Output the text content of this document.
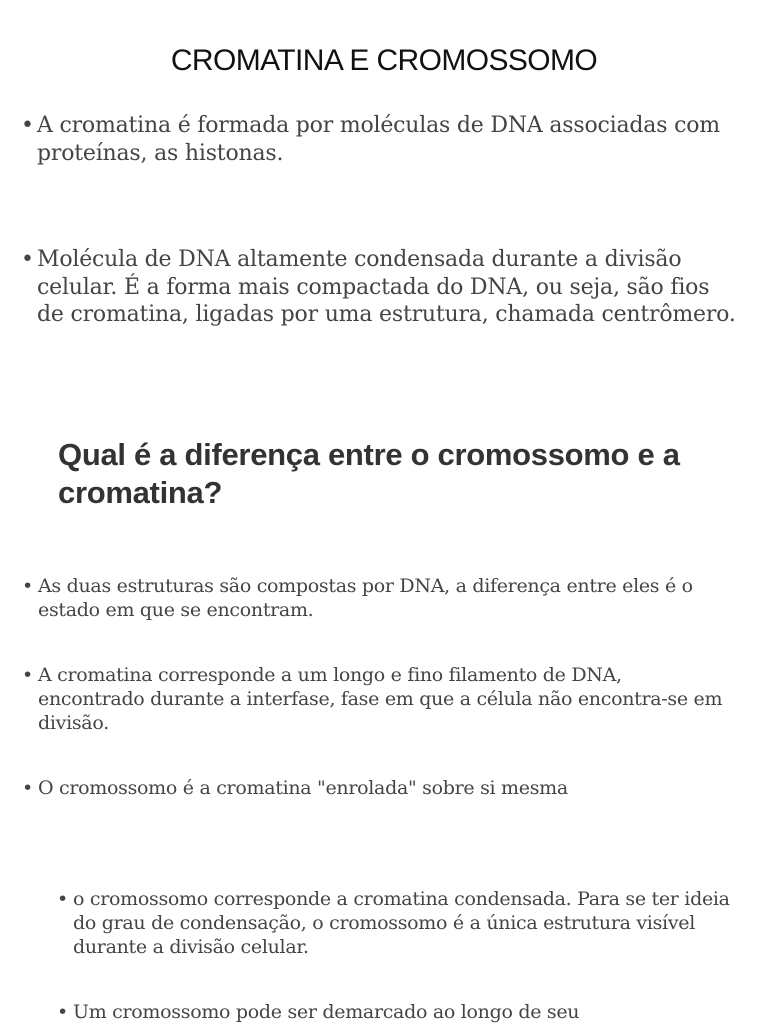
CROMATINA E CROMOSSOMO

• A cromatina é formada por moléculas de DNA associadas com proteínas, as histonas.

• Molécula de DNA altamente condensada durante a divisão celular. É a forma mais compactada do DNA, ou seja, são fios de cromatina, ligadas por uma estrutura, chamada centrômero.

Qual é a diferença entre o cromossomo e a cromatina?

• As duas estruturas são compostas por DNA, a diferença entre eles é o estado em que se encontram.

• A cromatina corresponde a um longo e fino filamento de DNA, encontrado durante a interfase, fase em que a célula não encontra-se em divisão.

• O cromossomo é a cromatina "enrolada" sobre si mesma

• o cromossomo corresponde a cromatina condensada. Para se ter ideia do grau de condensação, o cromossomo é a única estrutura visível durante a divisão celular.

• Um cromossomo pode ser demarcado ao longo de seu
